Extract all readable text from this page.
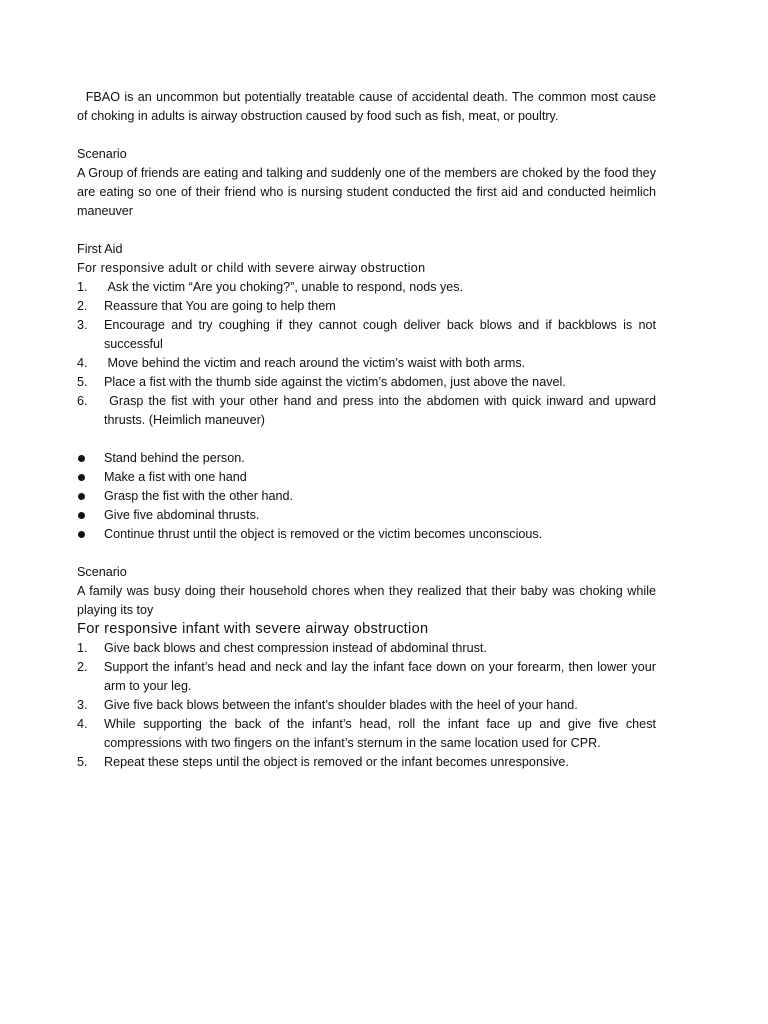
FBAO is an uncommon but potentially treatable cause of accidental death. The common most cause of choking in adults is airway obstruction caused by food such as fish, meat, or poultry.

Scenario

A Group of friends are eating and talking and suddenly one of the members are choked by the food they are eating so one of their friend who is nursing student conducted the first aid and conducted heimlich maneuver

First Aid

For responsive adult or child with severe airway obstruction

1.	Ask the victim “Are you choking?”, unable to respond, nods yes.
2.	Reassure that You are going to help them
3.	Encourage and try coughing if they cannot cough deliver back blows and if backblows is not successful
4.	Move behind the victim and reach around the victim’s waist with both arms.
5.	Place a fist with the thumb side against the victim’s abdomen, just above the navel.
6.	Grasp the fist with your other hand and press into the abdomen with quick inward and upward thrusts. (Heimlich maneuver)
Stand behind the person.
Make a fist with one hand
Grasp the fist with the other hand.
Give five abdominal thrusts.
Continue thrust until the object is removed or the victim becomes unconscious.

Scenario

A family was busy doing their household chores when they realized that their baby was choking while playing its toy

For responsive infant with severe airway obstruction

1.	Give back blows and chest compression instead of abdominal thrust.
2.	Support the infant’s head and neck and lay the infant face down on your forearm, then lower your arm to your leg.
3.	Give five back blows between the infant’s shoulder blades with the heel of your hand.
4.	While supporting the back of the infant’s head, roll the infant face up and give five chest compressions with two fingers on the infant’s sternum in the same location used for CPR.
5.	Repeat these steps until the object is removed or the infant becomes unresponsive.
